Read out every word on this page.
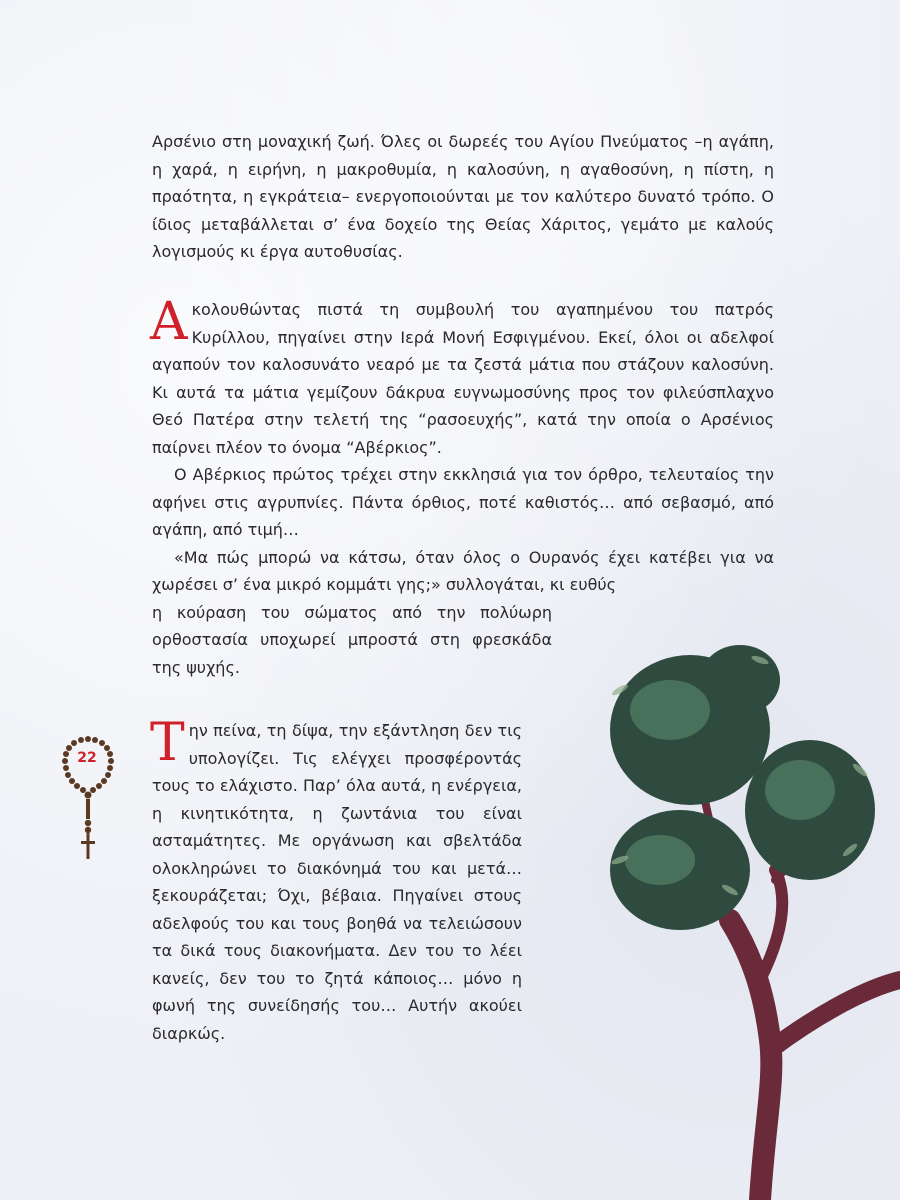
Αρσένιο στη μοναχική ζωή. Όλες οι δωρεές του Αγίου Πνεύματος –η αγάπη, η χαρά, η ειρήνη, η μακροθυμία, η καλοσύνη, η αγαθοσύνη, η πίστη, η πραότητα, η εγκράτεια– ενεργοποιούνται με τον καλύτερο δυνατό τρόπο. Ο ίδιος μεταβάλλεται σ’ ένα δοχείο της Θείας Χάριτος, γεμάτο με καλούς λογισμούς κι έργα αυτοθυσίας.

Ακολουθώντας πιστά τη συμβουλή του αγαπημένου του πατρός Κυρίλλου, πηγαίνει στην Ιερά Μονή Εσφιγμένου. Εκεί, όλοι οι αδελφοί αγαπούν τον καλοσυνάτο νεαρό με τα ζεστά μάτια που στάζουν καλοσύνη. Κι αυτά τα μάτια γεμίζουν δάκρυα ευγνωμοσύνης προς τον φιλεύσπλαχνο Θεό Πατέρα στην τελετή της “ρασοευχής”, κατά την οποία ο Αρσένιος παίρνει πλέον το όνομα “Αβέρκιος”.

Ο Αβέρκιος πρώτος τρέχει στην εκκλησιά για τον όρθρο, τελευταίος την αφήνει στις αγρυπνίες. Πάντα όρθιος, ποτέ καθιστός… από σεβασμό, από αγάπη, από τιμή…

«Μα πώς μπορώ να κάτσω, όταν όλος ο Ουρανός έχει κατέβει για να χωρέσει σ’ ένα μικρό κομμάτι γης;» συλλογάται, κι ευθύς

η κούραση του σώματος από την πολύωρη ορθοστασία υποχωρεί μπροστά στη φρεσκάδα της ψυχής.

Την πείνα, τη δίψα, την εξάντληση δεν τις υπολογίζει. Τις ελέγχει προσφέροντάς τους το ελάχιστο. Παρ’ όλα αυτά, η ενέργεια, η κινητικότητα, η ζωντάνια του είναι ασταμάτητες. Με οργάνωση και σβελτάδα ολοκληρώνει το διακόνημά του και μετά… ξεκουράζεται; Όχι, βέβαια. Πηγαίνει στους αδελφούς του και τους βοηθά να τελειώσουν τα δικά τους διακονήματα. Δεν του το λέει κανείς, δεν του το ζητά κάποιος… μόνο η φωνή της συνείδησής του… Αυτήν ακούει διαρκώς.

22
